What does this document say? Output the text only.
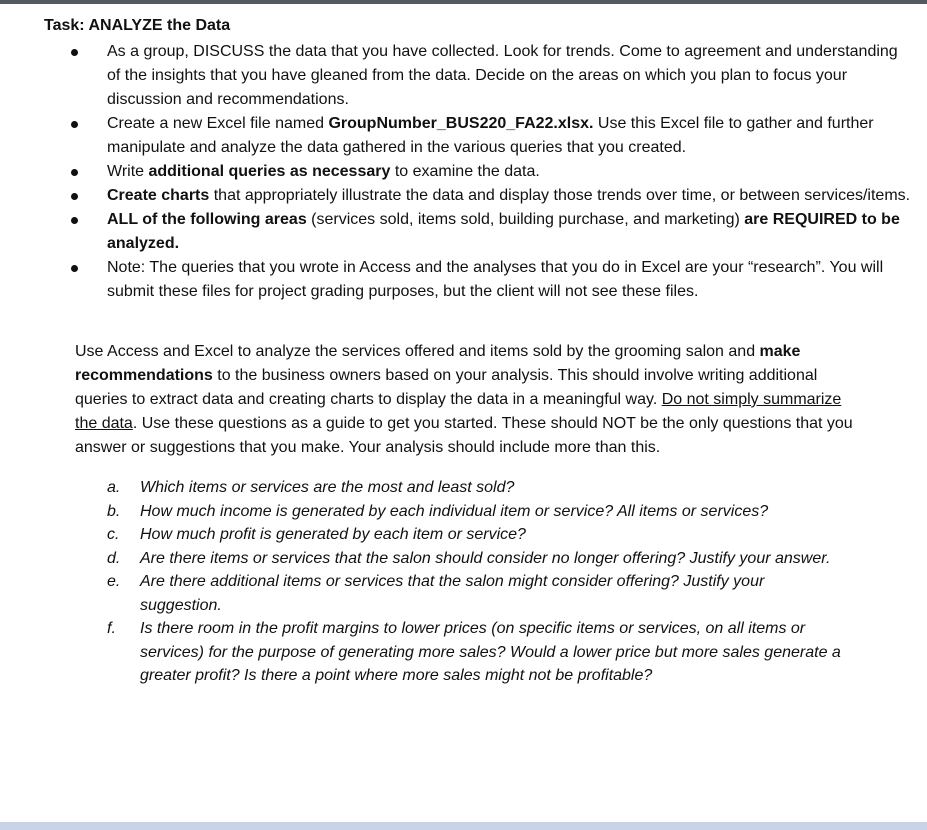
Task: ANALYZE the Data
As a group, DISCUSS the data that you have collected. Look for trends. Come to agreement and understanding of the insights that you have gleaned from the data. Decide on the areas on which you plan to focus your discussion and recommendations.
Create a new Excel file named GroupNumber_BUS220_FA22.xlsx. Use this Excel file to gather and further manipulate and analyze the data gathered in the various queries that you created.
Write additional queries as necessary to examine the data.
Create charts that appropriately illustrate the data and display those trends over time, or between services/items.
ALL of the following areas (services sold, items sold, building purchase, and marketing) are REQUIRED to be analyzed.
Note: The queries that you wrote in Access and the analyses that you do in Excel are your “research”. You will submit these files for project grading purposes, but the client will not see these files.
Use Access and Excel to analyze the services offered and items sold by the grooming salon and make recommendations to the business owners based on your analysis. This should involve writing additional queries to extract data and creating charts to display the data in a meaningful way. Do not simply summarize the data. Use these questions as a guide to get you started. These should NOT be the only questions that you answer or suggestions that you make. Your analysis should include more than this.
a. Which items or services are the most and least sold?
b. How much income is generated by each individual item or service? All items or services?
c. How much profit is generated by each item or service?
d. Are there items or services that the salon should consider no longer offering? Justify your answer.
e. Are there additional items or services that the salon might consider offering? Justify your suggestion.
f. Is there room in the profit margins to lower prices (on specific items or services, on all items or services) for the purpose of generating more sales? Would a lower price but more sales generate a greater profit? Is there a point where more sales might not be profitable?
